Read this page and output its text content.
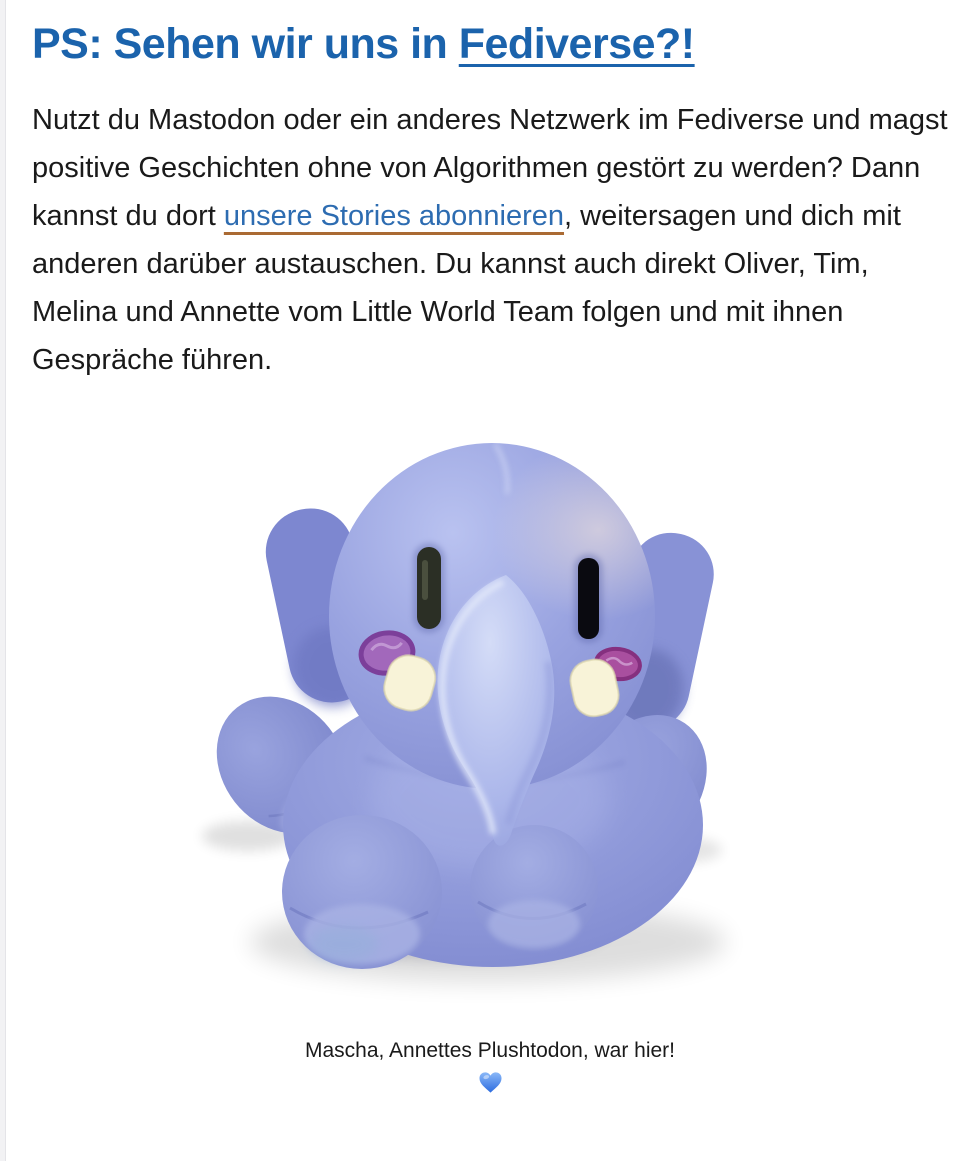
PS: Sehen wir uns in Fediverse?!

Nutzt du Mastodon oder ein anderes Netzwerk im Fediverse und magst positive Geschichten ohne von Algorithmen gestört zu werden? Dann kannst du dort unsere Stories abonnieren, weitersagen und dich mit anderen darüber austauschen. Du kannst auch direkt Oliver, Tim, Melina und Annette vom Little World Team folgen und mit ihnen Gespräche führen.

Mascha, Annettes Plushtodon, war hier!
